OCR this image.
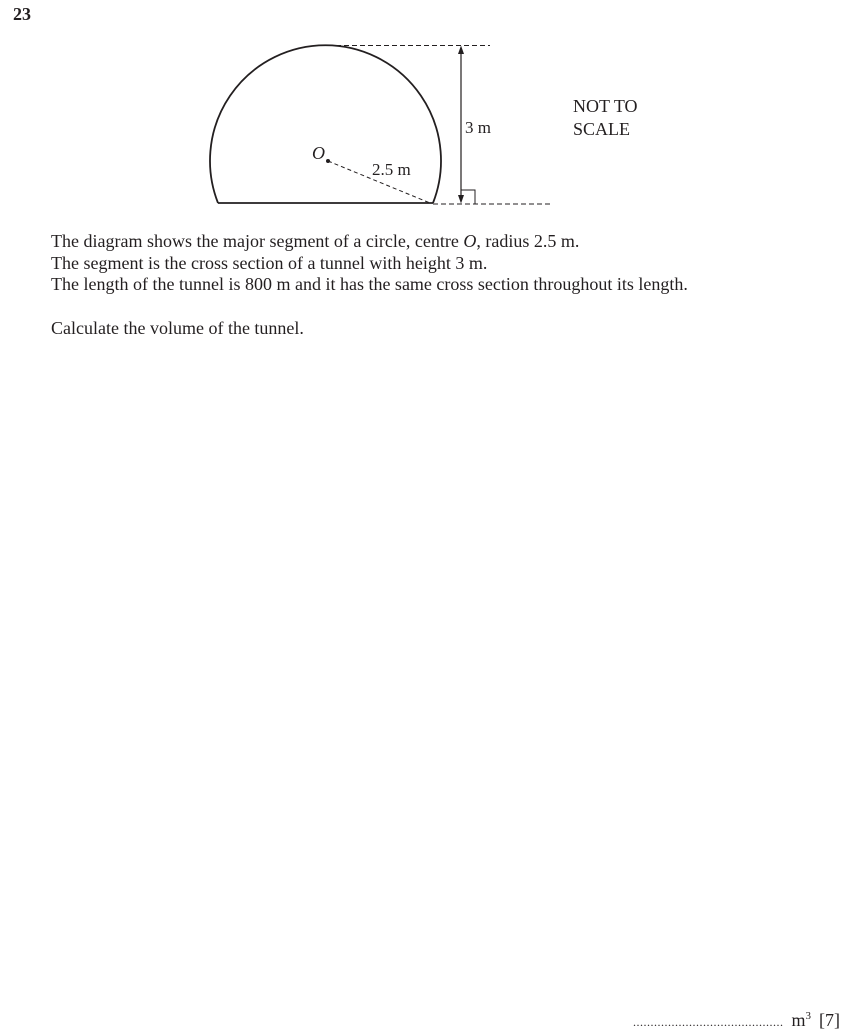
23
O
2.5 m
3 m
NOT TO
SCALE

The diagram shows the major segment of a circle, centre O, radius 2.5 m.

The segment is the cross section of a tunnel with height 3 m.

The length of the tunnel is 800 m and it has the same cross section throughout its length.

Calculate the volume of the tunnel.

........................................... $m^3$ [7]
